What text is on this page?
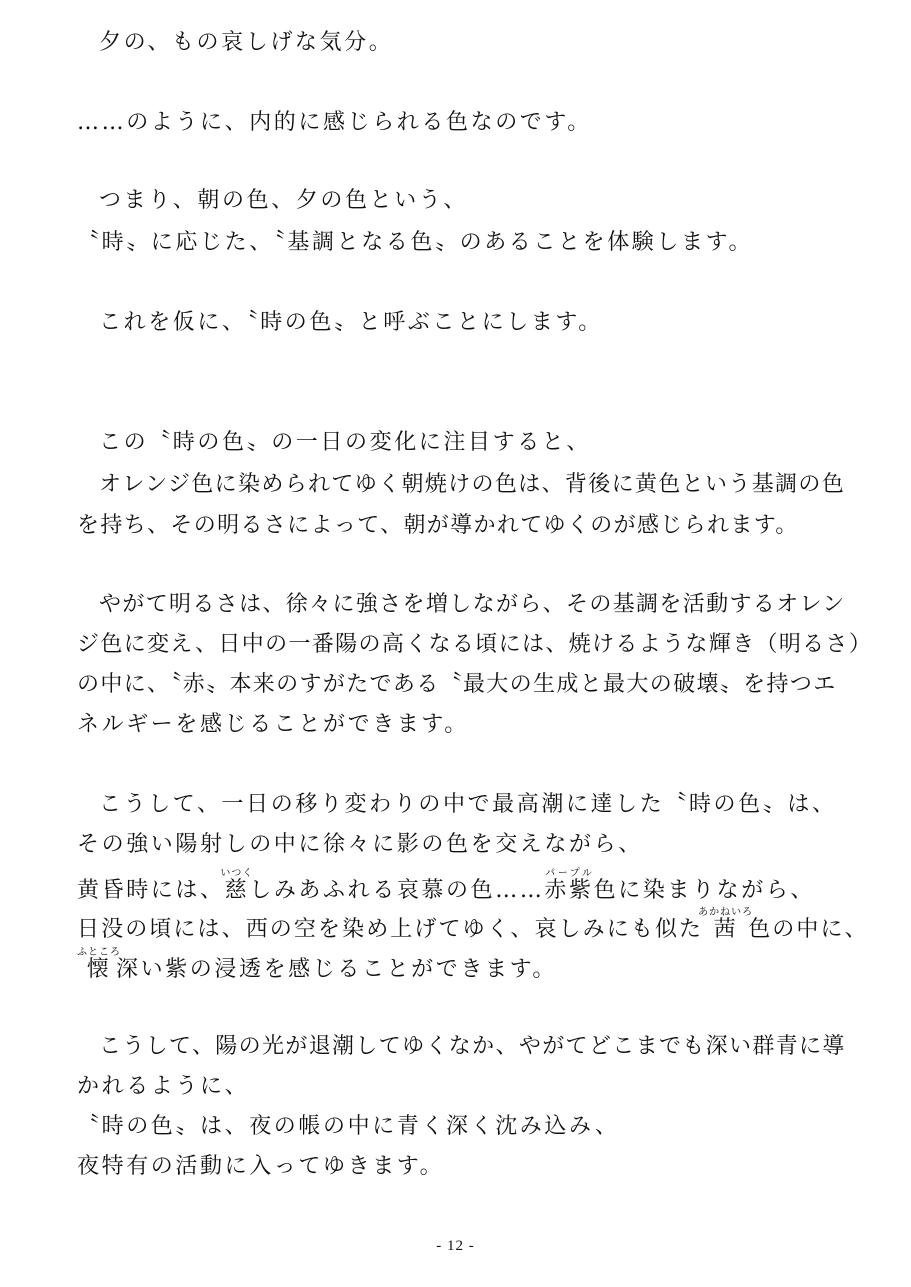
夕の、もの哀しげな気分。
……のように、内的に感じられる色なのです。
つまり、朝の色、夕の色という、
〝時〟に応じた、〝基調となる色〟のあることを体験します。
これを仮に、〝時の色〟と呼ぶことにします。
この〝時の色〟の一日の変化に注目すると、
オレンジ色に染められてゆく朝焼けの色は、背後に黄色という基調の色
を持ち、その明るさによって、朝が導かれてゆくのが感じられます。
やがて明るさは、徐々に強さを増しながら、その基調を活動するオレン
ジ色に変え、日中の一番陽の高くなる頃には、焼けるような輝き（明るさ）
の中に、〝赤〟本来のすがたである〝最大の生成と最大の破壊〟を持つエ
ネルギーを感じることができます。
こうして、一日の移り変わりの中で最高潮に達した〝時の色〟は、
その強い陽射しの中に徐々に影の色を交えながら、
黄昏時には、慈いつくしみあふれる哀慕の色……赤紫パープル色に染まりながら、
日没の頃には、西の空を染め上げてゆく、哀しみにも似た茜あかねいろ色の中に、
懐ふところ深い紫の浸透を感じることができます。
こうして、陽の光が退潮してゆくなか、やがてどこまでも深い群青に導
かれるように、
〝時の色〟は、夜の帳の中に青く深く沈み込み、
夜特有の活動に入ってゆきます。
- 12 -
